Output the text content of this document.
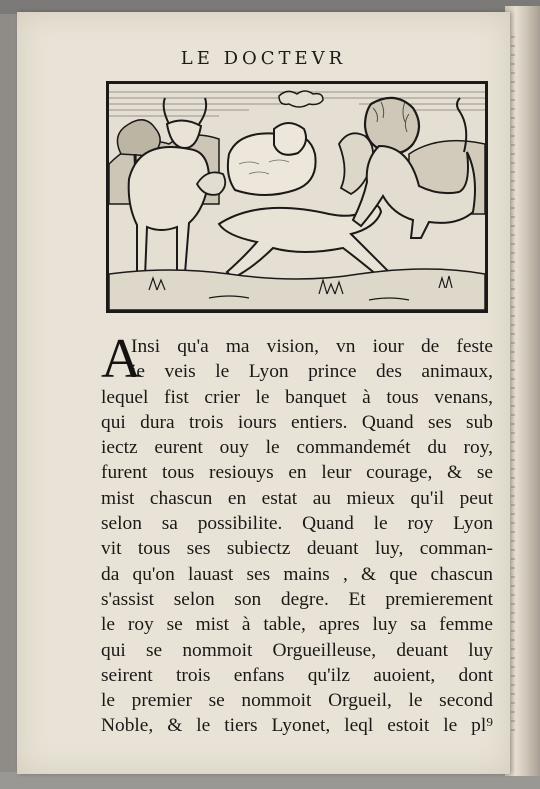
LE DOCTEVR
A
Insi qu'a ma vision, vn iour de feste
ie veis le Lyon prince des animaux,
lequel fist crier le banquet à tous venans,
qui dura trois iours entiers. Quand ses sub
iectz eurent ouy le commandemét du roy,
furent tous resiouys en leur courage, & se
mist chascun en estat au mieux qu'il peut
selon sa possibilite. Quand le roy Lyon
vit tous ses subiectz deuant luy, comman-
da qu'on lauast ses mains , & que chascun
s'assist selon son degre. Et premierement
le roy se mist à table, apres luy sa femme
qui se nommoit Orgueilleuse, deuant luy
seirent trois enfans qu'ilz auoient, dont
le premier se nommoit Orgueil, le second
Noble, & le tiers Lyonet, leql estoit le pl⁹
